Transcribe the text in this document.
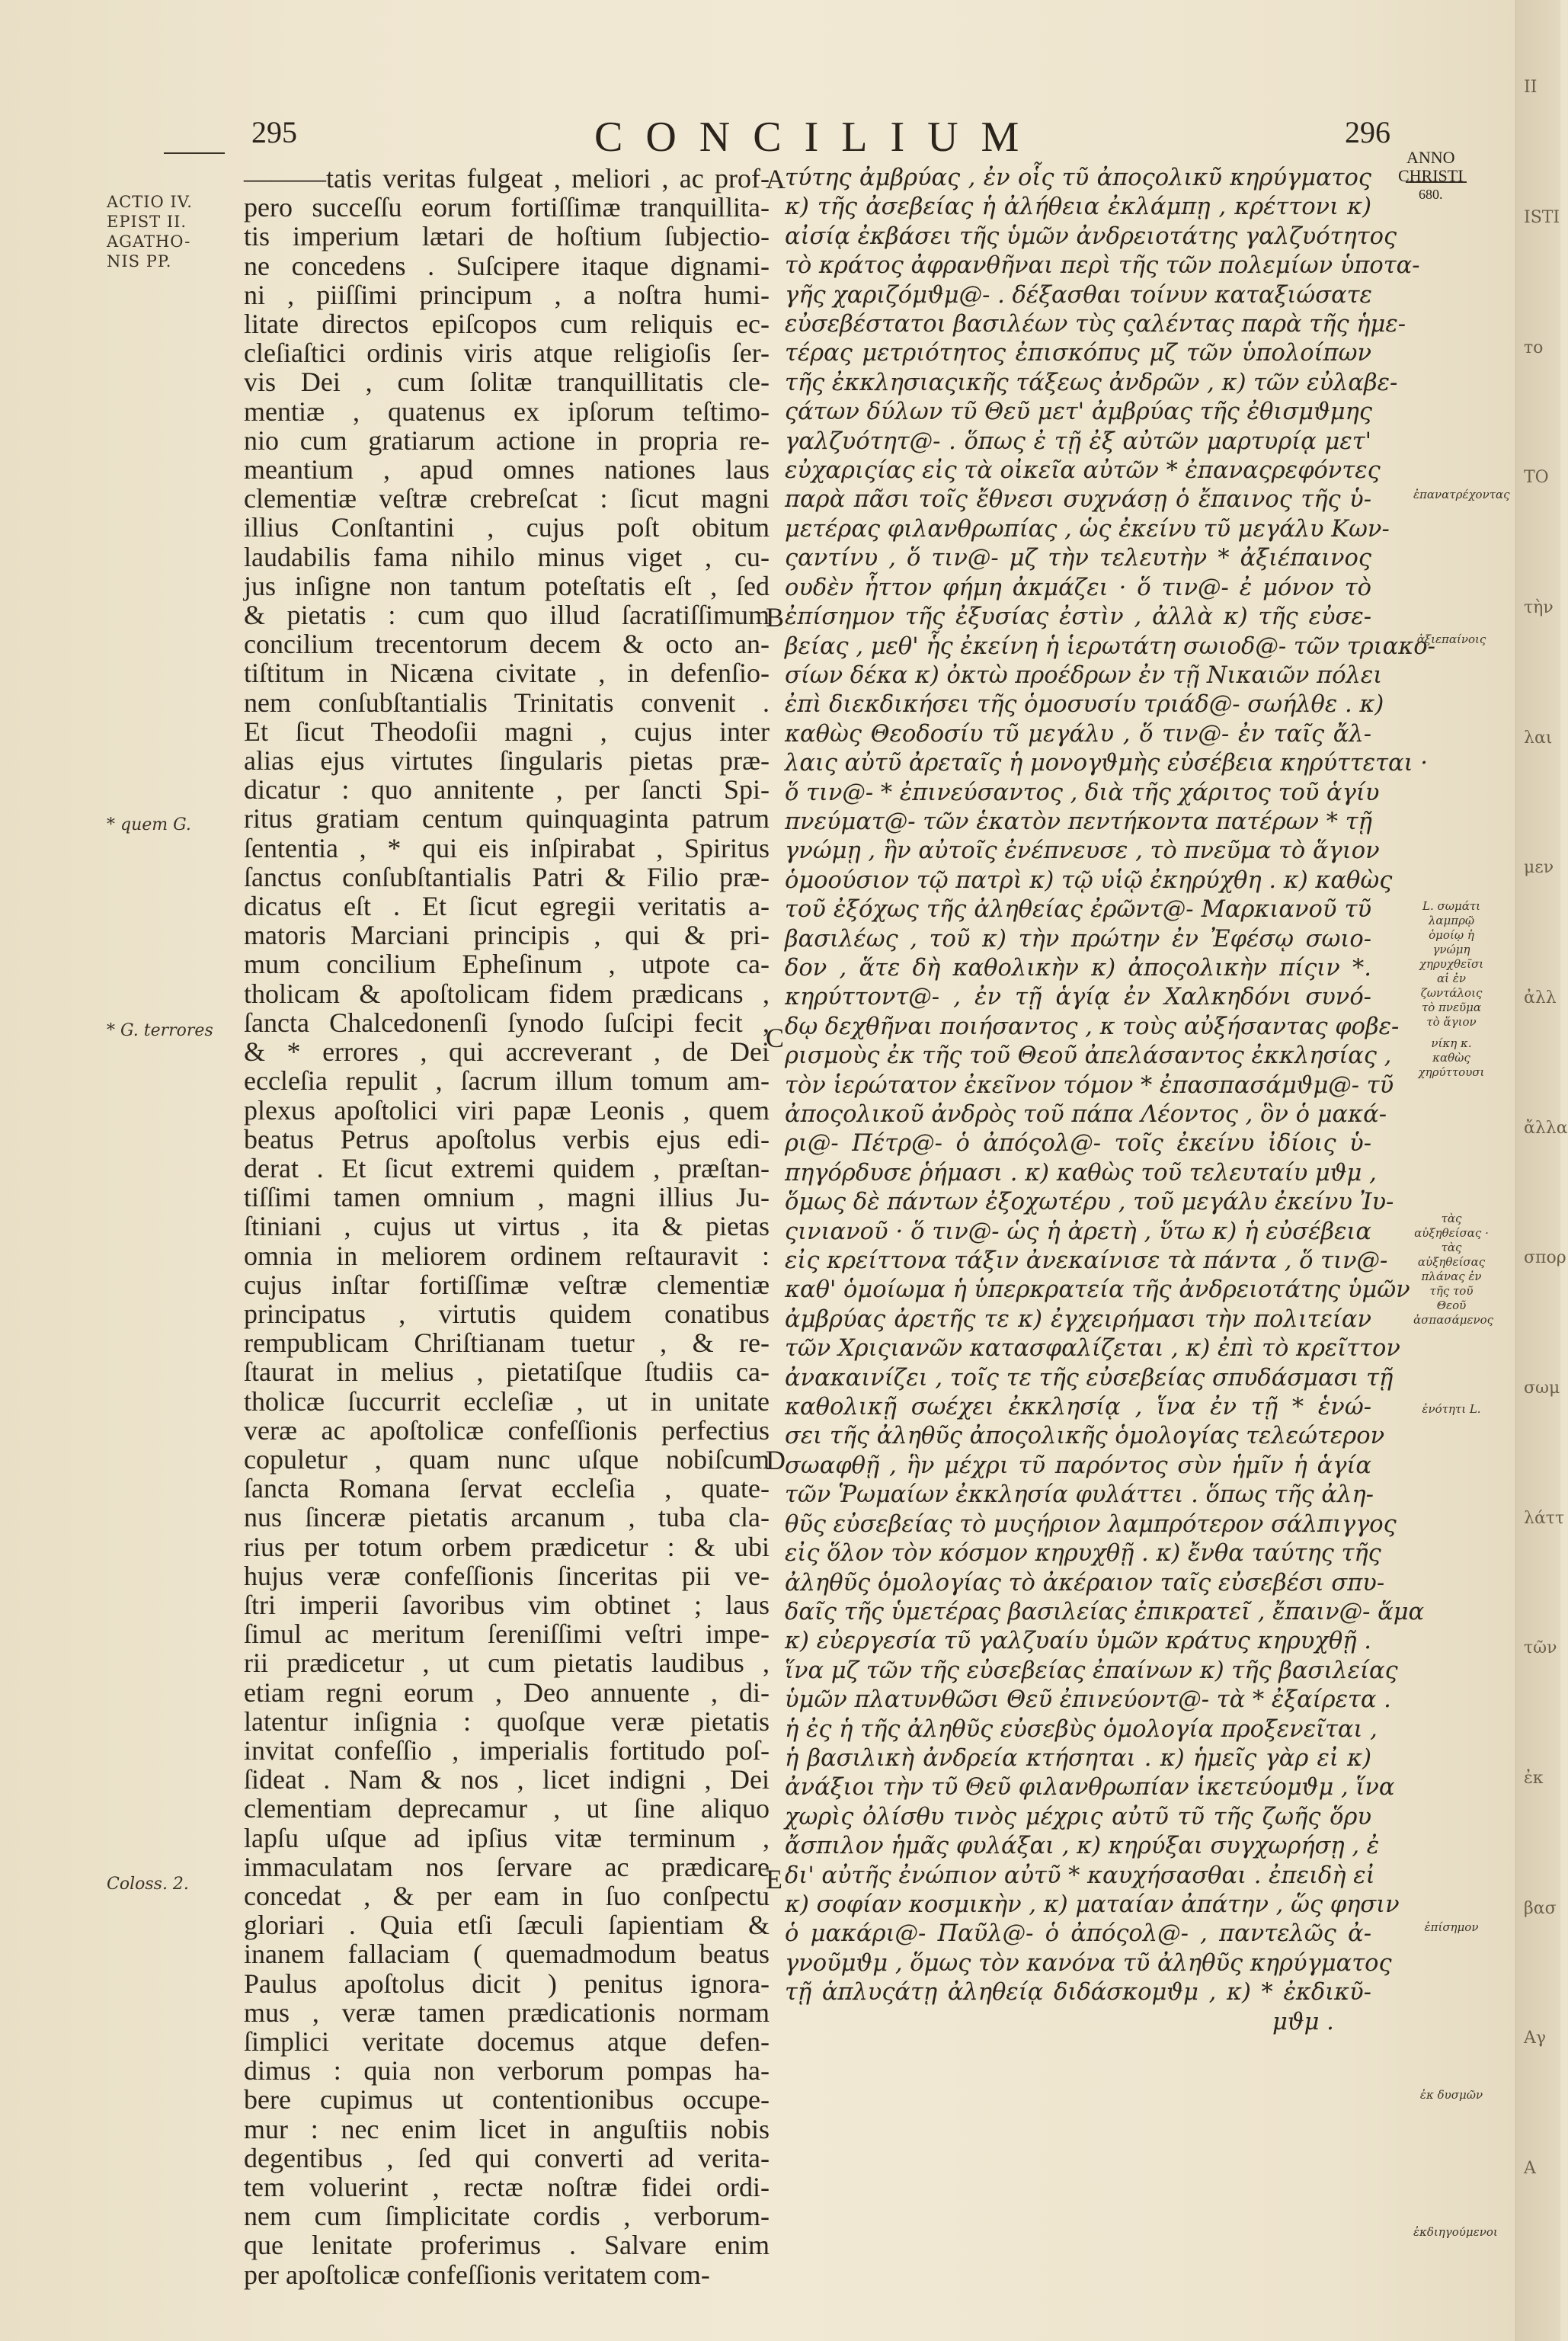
ΙΙ
ISTI
то
ТО
τὴν
λαι
μεν
ἀλλ
ἄλλα
σπορ
σωμ
λάττ
τῶν
ἐκ
βασ
Αγ
Α
295	CONCILIUM	296
ANNO
CHRISTI
680.
ACTIO IV.
EPIST II.
AGATHO-
NIS PP.
* quem G.
* G. terrores
Coloss. 2.
———tatis veritas fulgeat , meliori , ac prof-
pero succeſſu eorum fortiſſimæ tranquillita-
tis imperium lætari de hoſtium ſubjectio-
ne concedens . Suſcipere itaque dignami-
ni , piiſſimi principum , a noſtra humi-
litate directos epiſcopos cum reliquis ec-
cleſiaſtici ordinis viris atque religioſis ſer-
vis Dei , cum ſolitæ tranquillitatis cle-
mentiæ , quatenus ex ipſorum teſtimo-
nio cum gratiarum actione in propria re-
meantium , apud omnes nationes laus
clementiæ veſtræ crebreſcat : ſicut magni
illius Conſtantini , cujus poſt obitum
laudabilis fama nihilo minus viget , cu-
jus inſigne non tantum poteſtatis eſt , ſed
& pietatis : cum quo illud ſacratiſſimum
concilium trecentorum decem & octo an-
tiſtitum in Nicæna civitate , in defenſio-
nem conſubſtantialis Trinitatis convenit .
Et ſicut Theodoſii magni , cujus inter
alias ejus virtutes ſingularis pietas præ-
dicatur : quo annitente , per ſancti Spi-
ritus gratiam centum quinquaginta patrum
ſententia , * qui eis inſpirabat , Spiritus
ſanctus conſubſtantialis Patri & Filio præ-
dicatus eſt . Et ſicut egregii veritatis a-
matoris Marciani principis , qui & pri-
mum concilium Epheſinum , utpote ca-
tholicam & apoſtolicam fidem prædicans ,
ſancta Chalcedonenſi ſynodo ſuſcipi fecit ,
& * errores , qui accreverant , de Dei
eccleſia repulit , ſacrum illum tomum am-
plexus apoſtolici viri papæ Leonis , quem
beatus Petrus apoſtolus verbis ejus edi-
derat . Et ſicut extremi quidem , præſtan-
tiſſimi tamen omnium , magni illius Ju-
ſtiniani , cujus ut virtus , ita & pietas
omnia in meliorem ordinem reſtauravit :
cujus inſtar fortiſſimæ veſtræ clementiæ
principatus , virtutis quidem conatibus
rempublicam Chriſtianam tuetur , & re-
ſtaurat in melius , pietatiſque ſtudiis ca-
tholicæ ſuccurrit eccleſiæ , ut in unitate
veræ ac apoſtolicæ confeſſionis perfectius
copuletur , quam nunc uſque nobiſcum
ſancta Romana ſervat eccleſia , quate-
nus ſinceræ pietatis arcanum , tuba cla-
rius per totum orbem prædicetur : & ubi
hujus veræ confeſſionis ſinceritas pii ve-
ſtri imperii ſavoribus vim obtinet ; laus
ſimul ac meritum ſereniſſimi veſtri impe-
rii prædicetur , ut cum pietatis laudibus ,
etiam regni eorum , Deo annuente , di-
latentur inſignia : quoſque veræ pietatis
invitat confeſſio , imperialis fortitudo poſ-
ſideat . Nam & nos , licet indigni , Dei
clementiam deprecamur , ut ſine aliquo
lapſu uſque ad ipſius vitæ terminum ,
immaculatam nos ſervare ac prædicare
concedat , & per eam in ſuo conſpectu
gloriari . Quia etſi ſæculi ſapientiam &
inanem fallaciam ( quemadmodum beatus
Paulus apoſtolus dicit ) penitus ignora-
mus , veræ tamen prædicationis normam
ſimplici veritate docemus atque defen-
dimus : quia non verborum pompas ha-
bere cupimus ut contentionibus occupe-
mur : nec enim licet in anguſtiis nobis
degentibus , ſed qui converti ad verita-
tem voluerint , rectæ noſtræ fidei ordi-
nem cum ſimplicitate cordis , verborum-
que lenitate proferimus . Salvare enim
per apoſtolicæ confeſſionis veritatem com-
τύτης ἀμβρύας , ἐν οἷς τῦ ἀποςολικῦ κηρύγματος
κ) τῆς ἀσεβείας ἡ ἀλήθεια ἐκλάμπῃ , κρέττονι κ)
αἰσίᾳ ἐκβάσει τῆς ὑμῶν ἀνδρειοτάτης γαλζυότητος
τὸ κράτος ἀφρανθῆναι περὶ τῆς τῶν πολεμίων ὑποτα-
γῆς χαριζόμϑμ@- . δέξασθαι τοίνυν καταξιώσατε
εὐσεβέστατοι βασιλέων τὺς ςαλέντας παρὰ τῆς ἡμε-
τέρας μετριότητος ἐπισκόπυς μζ τῶν ὑπολοίπων
τῆς ἐκκλησιαςικῆς τάξεως ἀνδρῶν , κ) τῶν εὐλαβε-
ςάτων δύλων τῦ Θεῦ μετ' ἀμβρύας τῆς ἐθισμϑμης
γαλζυότητ@- . ὅπως ἐ τῇ ἐξ αὐτῶν μαρτυρίᾳ μετ'
εὐχαριςίας εἰς τὰ οἰκεῖα αὐτῶν * ἐπαναςρεφόντες
παρὰ πᾶσι τοῖς ἔθνεσι συχνάσῃ ὁ ἔπαινος τῆς ὑ-
μετέρας φιλανθρωπίας , ὡς ἐκείνυ τῦ μεγάλυ Κων-
ςαντίνυ , ὅ τιν@- μζ τὴν τελευτὴν * ἀξιέπαινος
ουδὲν ἧττον φήμη ἀκμάζει · ὅ τιν@- ἐ μόνον τὸ
ἐπίσημον τῆς ἐξυσίας ἐστὶν , ἀλλὰ κ) τῆς εὐσε-
βείας , μεθ' ἧς ἐκείνη ἡ ἱερωτάτη σωιοδ@- τῶν τριακο-
σίων δέκα κ) ὀκτὼ προέδρων ἐν τῇ Νικαιῶν πόλει
ἐπὶ διεκδικήσει τῆς ὁμοσυσίυ τριάδ@- σωήλθε . κ)
καθὼς Θεοδοσίυ τῦ μεγάλυ , ὅ τιν@- ἐν ταῖς ἄλ-
λαις αὐτῦ ἀρεταῖς ἡ μονογϑμὴς εὐσέβεια κηρύττεται ·
ὅ τιν@- * ἐπινεύσαντος , διὰ τῆς χάριτος τοῦ ἁγίυ
πνεύματ@- τῶν ἑκατὸν πεντήκοντα πατέρων * τῇ
γνώμῃ , ἣν αὐτοῖς ἐνέπνευσε , τὸ πνεῦμα τὸ ἅγιον
ὁμοούσιον τῷ πατρὶ κ) τῷ υἱῷ ἐκηρύχθη . κ) καθὼς
τοῦ ἐξόχως τῆς ἀληθείας ἐρῶντ@- Μαρκιανοῦ τῦ
βασιλέως , τοῦ κ) τὴν πρώτην ἐν Ἐφέσῳ σωιο-
δον , ἅτε δὴ καθολικὴν κ) ἀποςολικὴν πίςιν *.
κηρύττοντ@- , ἐν τῇ ἁγίᾳ ἐν Χαλκηδόνι συνό-
δῳ δεχθῆναι ποιήσαντος , κ τοὺς αὐξήσαντας φοβε-
ρισμοὺς ἐκ τῆς τοῦ Θεοῦ ἀπελάσαντος ἐκκλησίας ,
τὸν ἱερώτατον ἐκεῖνον τόμον * ἐπασπασάμϑμ@- τῦ
ἀποςολικοῦ ἀνδρὸς τοῦ πάπα Λέοντος , ὃν ὁ μακά-
ρι@- Πέτρ@- ὁ ἀπόςολ@- τοῖς ἐκείνυ ἰδίοις ὑ-
πηγόρδυσε ῥήμασι . κ) καθὼς τοῦ τελευταίυ μϑμ ,
ὅμως δὲ πάντων ἐξοχωτέρυ , τοῦ μεγάλυ ἐκείνυ Ἰυ-
ςινιανοῦ · ὅ τιν@- ὡς ἡ ἀρετὴ , ὕτω κ) ἡ εὐσέβεια
εἰς κρείττονα τάξιν ἀνεκαίνισε τὰ πάντα , ὅ τιν@-
καθ' ὁμοίωμα ἡ ὑπερκρατεία τῆς ἀνδρειοτάτης ὑμῶν
ἀμβρύας ἀρετῆς τε κ) ἐγχειρήμασι τὴν πολιτείαν
τῶν Χριςιανῶν κατασφαλίζεται , κ) ἐπὶ τὸ κρεῖττον
ἀνακαινίζει , τοῖς τε τῆς εὐσεβείας σπυδάσμασι τῇ
καθολικῇ σωέχει ἐκκλησίᾳ , ἵνα ἐν τῇ * ἑνώ-
σει τῆς ἀληθῦς ἀποςολικῆς ὁμολογίας τελεώτερον
σωαφθῇ , ἣν μέχρι τῦ παρόντος σὺν ἡμῖν ἡ ἁγία
τῶν Ῥωμαίων ἐκκλησία φυλάττει . ὅπως τῆς ἀλη-
θῦς εὐσεβείας τὸ μυςήριον λαμπρότερον σάλπιγγος
εἰς ὅλον τὸν κόσμον κηρυχθῇ . κ) ἔνθα ταύτης τῆς
ἀληθῦς ὁμολογίας τὸ ἀκέραιον ταῖς εὐσεβέσι σπυ-
δαῖς τῆς ὑμετέρας βασιλείας ἐπικρατεῖ , ἔπαιν@- ἅμα
κ) εὐεργεσία τῦ γαλζυαίυ ὑμῶν κράτυς κηρυχθῇ .
ἵνα μζ τῶν τῆς εὐσεβείας ἐπαίνων κ) τῆς βασιλείας
ὑμῶν πλατυνθῶσι Θεῦ ἐπινεύοντ@- τὰ * ἐξαίρετα .
ἡ ἐς ἡ τῆς ἀληθῦς εὐσεβὺς ὁμολογία προξενεῖται ,
ἡ βασιλικὴ ἀνδρεία κτήσηται . κ) ἡμεῖς γὰρ εἰ κ)
ἀνάξιοι τὴν τῦ Θεῦ φιλανθρωπίαν ἱκετεύομϑμ , ἵνα
χωρὶς ὀλίσθυ τινὸς μέχρις αὐτῦ τῦ τῆς ζωῆς ὅρυ
ἄσπιλον ἡμᾶς φυλάξαι , κ) κηρύξαι συγχωρήσῃ , ἐ
δι' αὐτῆς ἐνώπιον αὐτῦ * καυχήσασθαι . ἐπειδὴ εἰ
κ) σοφίαν κοσμικὴν , κ) ματαίαν ἀπάτην , ὥς φησιν
ὁ μακάρι@- Παῦλ@- ὁ ἀπόςολ@- , παντελῶς ἀ-
γνοῦμϑμ , ὅμως τὸν κανόνα τῦ ἀληθῦς κηρύγματος
τῇ ἁπλυςάτῃ ἀληθείᾳ διδάσκομϑμ , κ) * ἐκδικῦ-
μϑμ .
A
B
C
D
E
ἐπανατρέχοντας
ἀξιεπαίνοις
L. σωμάτι λαμπρῷ ὁμοίῳ ἡ γνώμη χηρυχθεῖσι αἱ ἐν ζωντάλοις τὸ πνεῦμα τὸ ἅγιον
νίκη κ. καθὼς χηρύττουσι
τὰς αὐξηθείσας · τὰς αὐξηθείσας πλάνας ἐν τῆς τοῦ Θεοῦ ἀσπασάμενος
ἐνότητι L.
ἐπίσημον
ἐκ δυσμῶν
ἐκδιηγούμενοι
